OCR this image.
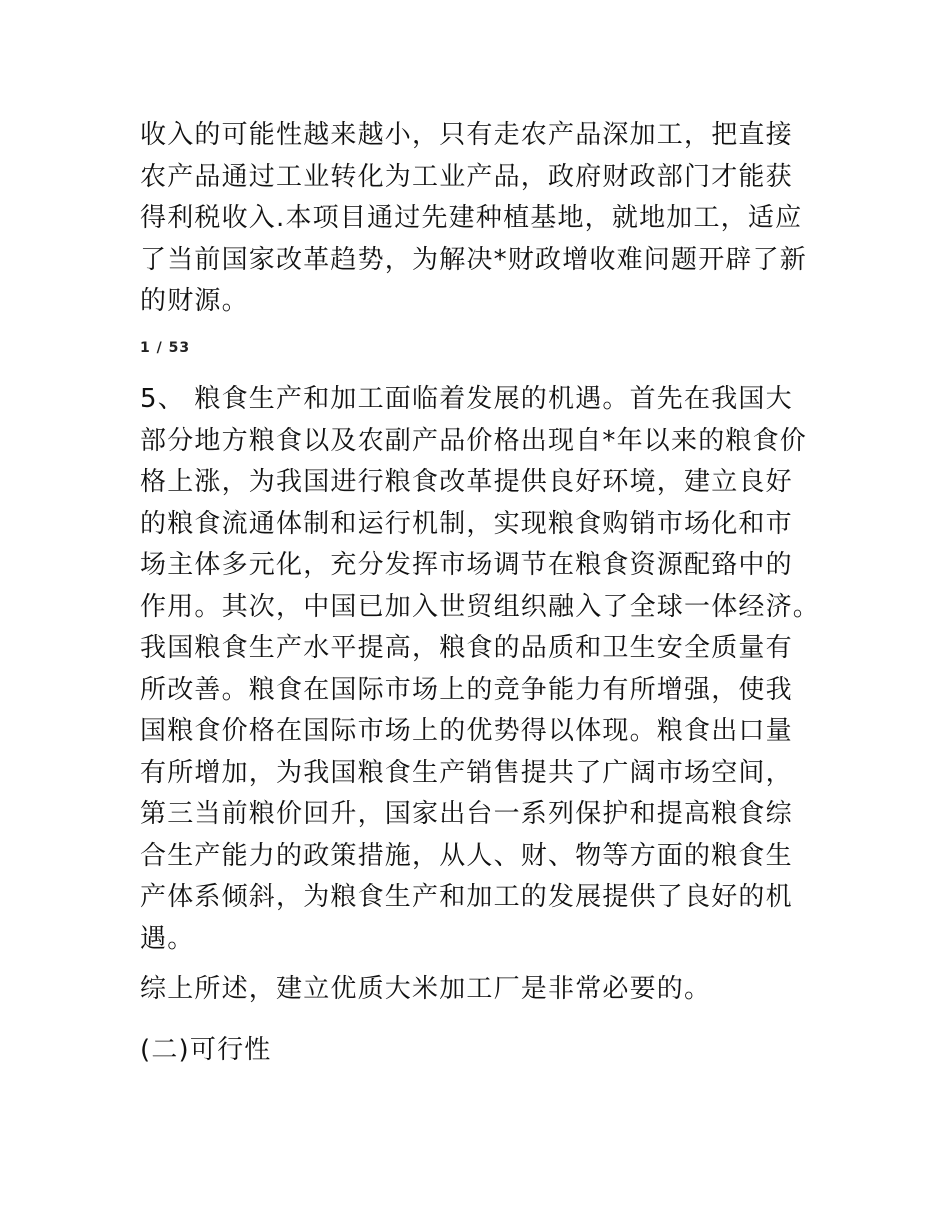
收入的可能性越来越小，只有走农产品深加工，把直接
农产品通过工业转化为工业产品，政府财政部门才能获
得利税收入.本项目通过先建种植基地，就地加工，适应
了当前国家改革趋势，为解决*财政增收难问题开辟了新
的财源。
1 / 53
5、 粮食生产和加工面临着发展的机遇。首先在我国大
部分地方粮食以及农副产品价格出现自*年以来的粮食价
格上涨，为我国进行粮食改革提供良好环境，建立良好
的粮食流通体制和运行机制，实现粮食购销市场化和市
场主体多元化，充分发挥市场调节在粮食资源配臵中的
作用。其次，中国已加入世贸组织融入了全球一体经济。
我国粮食生产水平提高，粮食的品质和卫生安全质量有
所改善。粮食在国际市场上的竞争能力有所增强，使我
国粮食价格在国际市场上的优势得以体现。粮食出口量
有所增加，为我国粮食生产销售提共了广阔市场空间，
第三当前粮价回升，国家出台一系列保护和提高粮食综
合生产能力的政策措施，从人、财、物等方面的粮食生
产体系倾斜，为粮食生产和加工的发展提供了良好的机
遇。
综上所述，建立优质大米加工厂是非常必要的。
(二)可行性
